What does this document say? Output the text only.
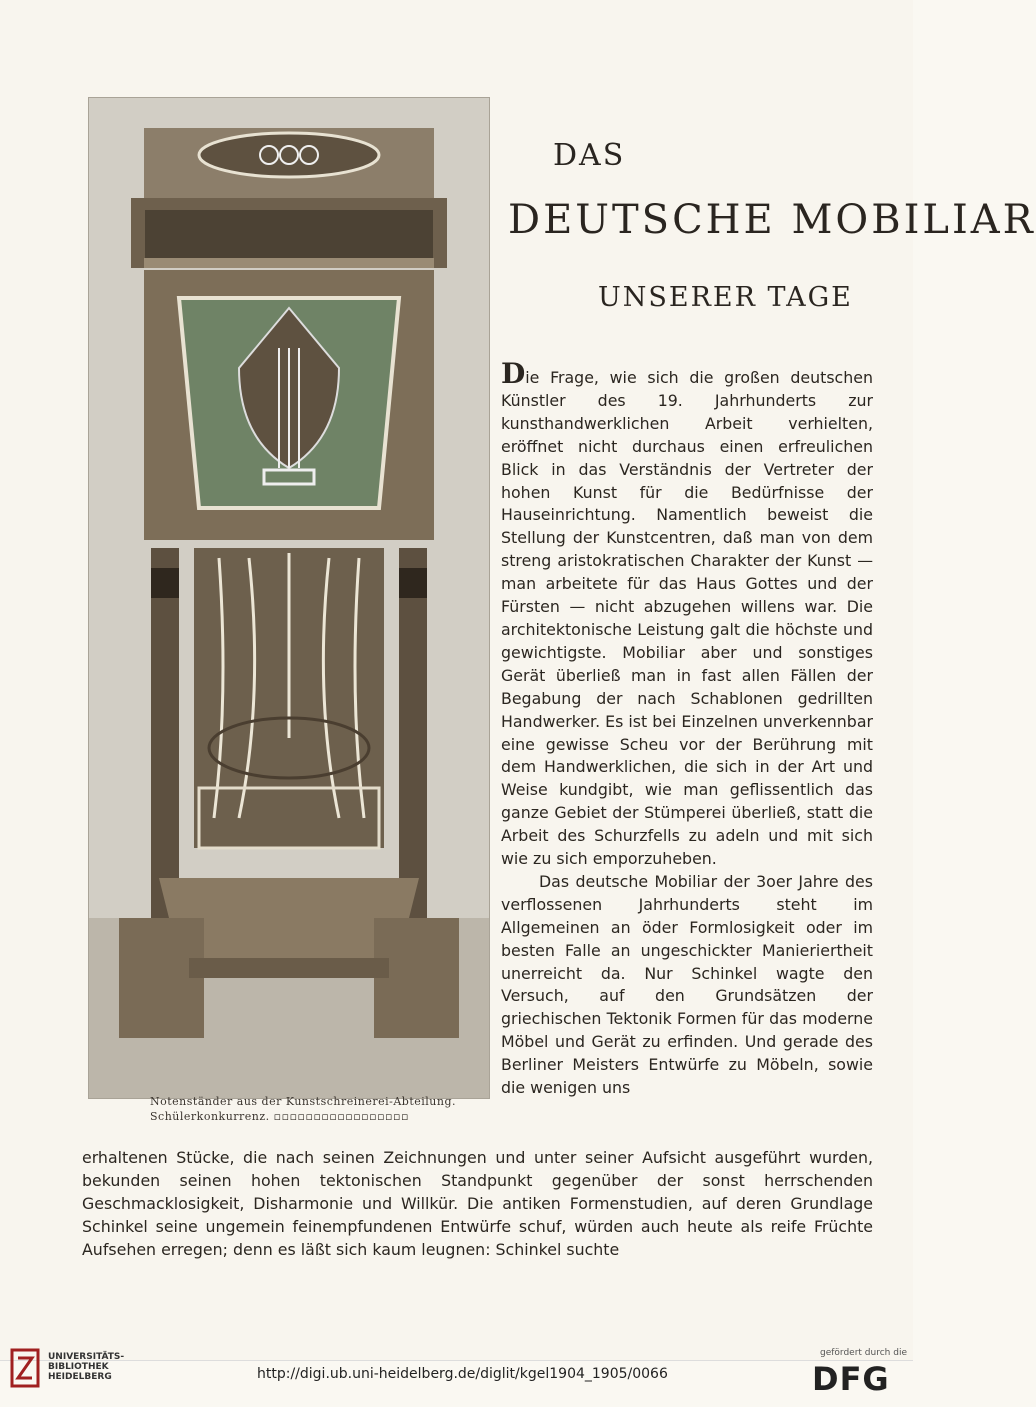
Notenständer aus der Kunstschreinerei-Abteilung.
Schülerkonkurrenz. ▫▫▫▫▫▫▫▫▫▫▫▫▫▫▫▫▫
DAS
DEUTSCHE MOBILIAR
UNSERER TAGE

Die Frage, wie sich die großen deutschen Künstler des 19. Jahrhunderts zur kunsthandwerklichen Arbeit verhielten, eröffnet nicht durchaus einen erfreulichen Blick in das Verständnis der Vertreter der hohen Kunst für die Bedürfnisse der Hauseinrichtung. Namentlich beweist die Stellung der Kunstcentren, daß man von dem streng aristokratischen Charakter der Kunst — man arbeitete für das Haus Gottes und der Fürsten — nicht abzugehen willens war. Die architektonische Leistung galt die höchste und gewichtigste. Mobiliar aber und sonstiges Gerät überließ man in fast allen Fällen der Begabung der nach Schablonen gedrillten Handwerker. Es ist bei Einzelnen unverkennbar eine gewisse Scheu vor der Berührung mit dem Handwerklichen, die sich in der Art und Weise kundgibt, wie man geflissentlich das ganze Gebiet der Stümperei überließ, statt die Arbeit des Schurzfells zu adeln und mit sich wie zu sich emporzuheben.

Das deutsche Mobiliar der 3oer Jahre des verflossenen Jahrhunderts steht im Allgemeinen an öder Formlosigkeit oder im besten Falle an ungeschickter Manieriertheit unerreicht da. Nur Schinkel wagte den Versuch, auf den Grundsätzen der griechischen Tektonik Formen für das moderne Möbel und Gerät zu erfinden. Und gerade des Berliner Meisters Entwürfe zu Möbeln, sowie die wenigen uns

erhaltenen Stücke, die nach seinen Zeichnungen und unter seiner Aufsicht ausgeführt wurden, bekunden seinen hohen tektonischen Standpunkt gegenüber der sonst herrschenden Geschmacklosigkeit, Disharmonie und Willkür. Die antiken Formenstudien, auf deren Grundlage Schinkel seine ungemein feinempfundenen Entwürfe schuf, würden auch heute als reife Früchte Aufsehen erregen; denn es läßt sich kaum leugnen: Schinkel suchte

UNIVERSITÄTS-
BIBLIOTHEK
HEIDELBERG	http://digi.ub.uni-heidelberg.de/diglit/kgel1904_1905/0066
gefördert durch die
DFG
